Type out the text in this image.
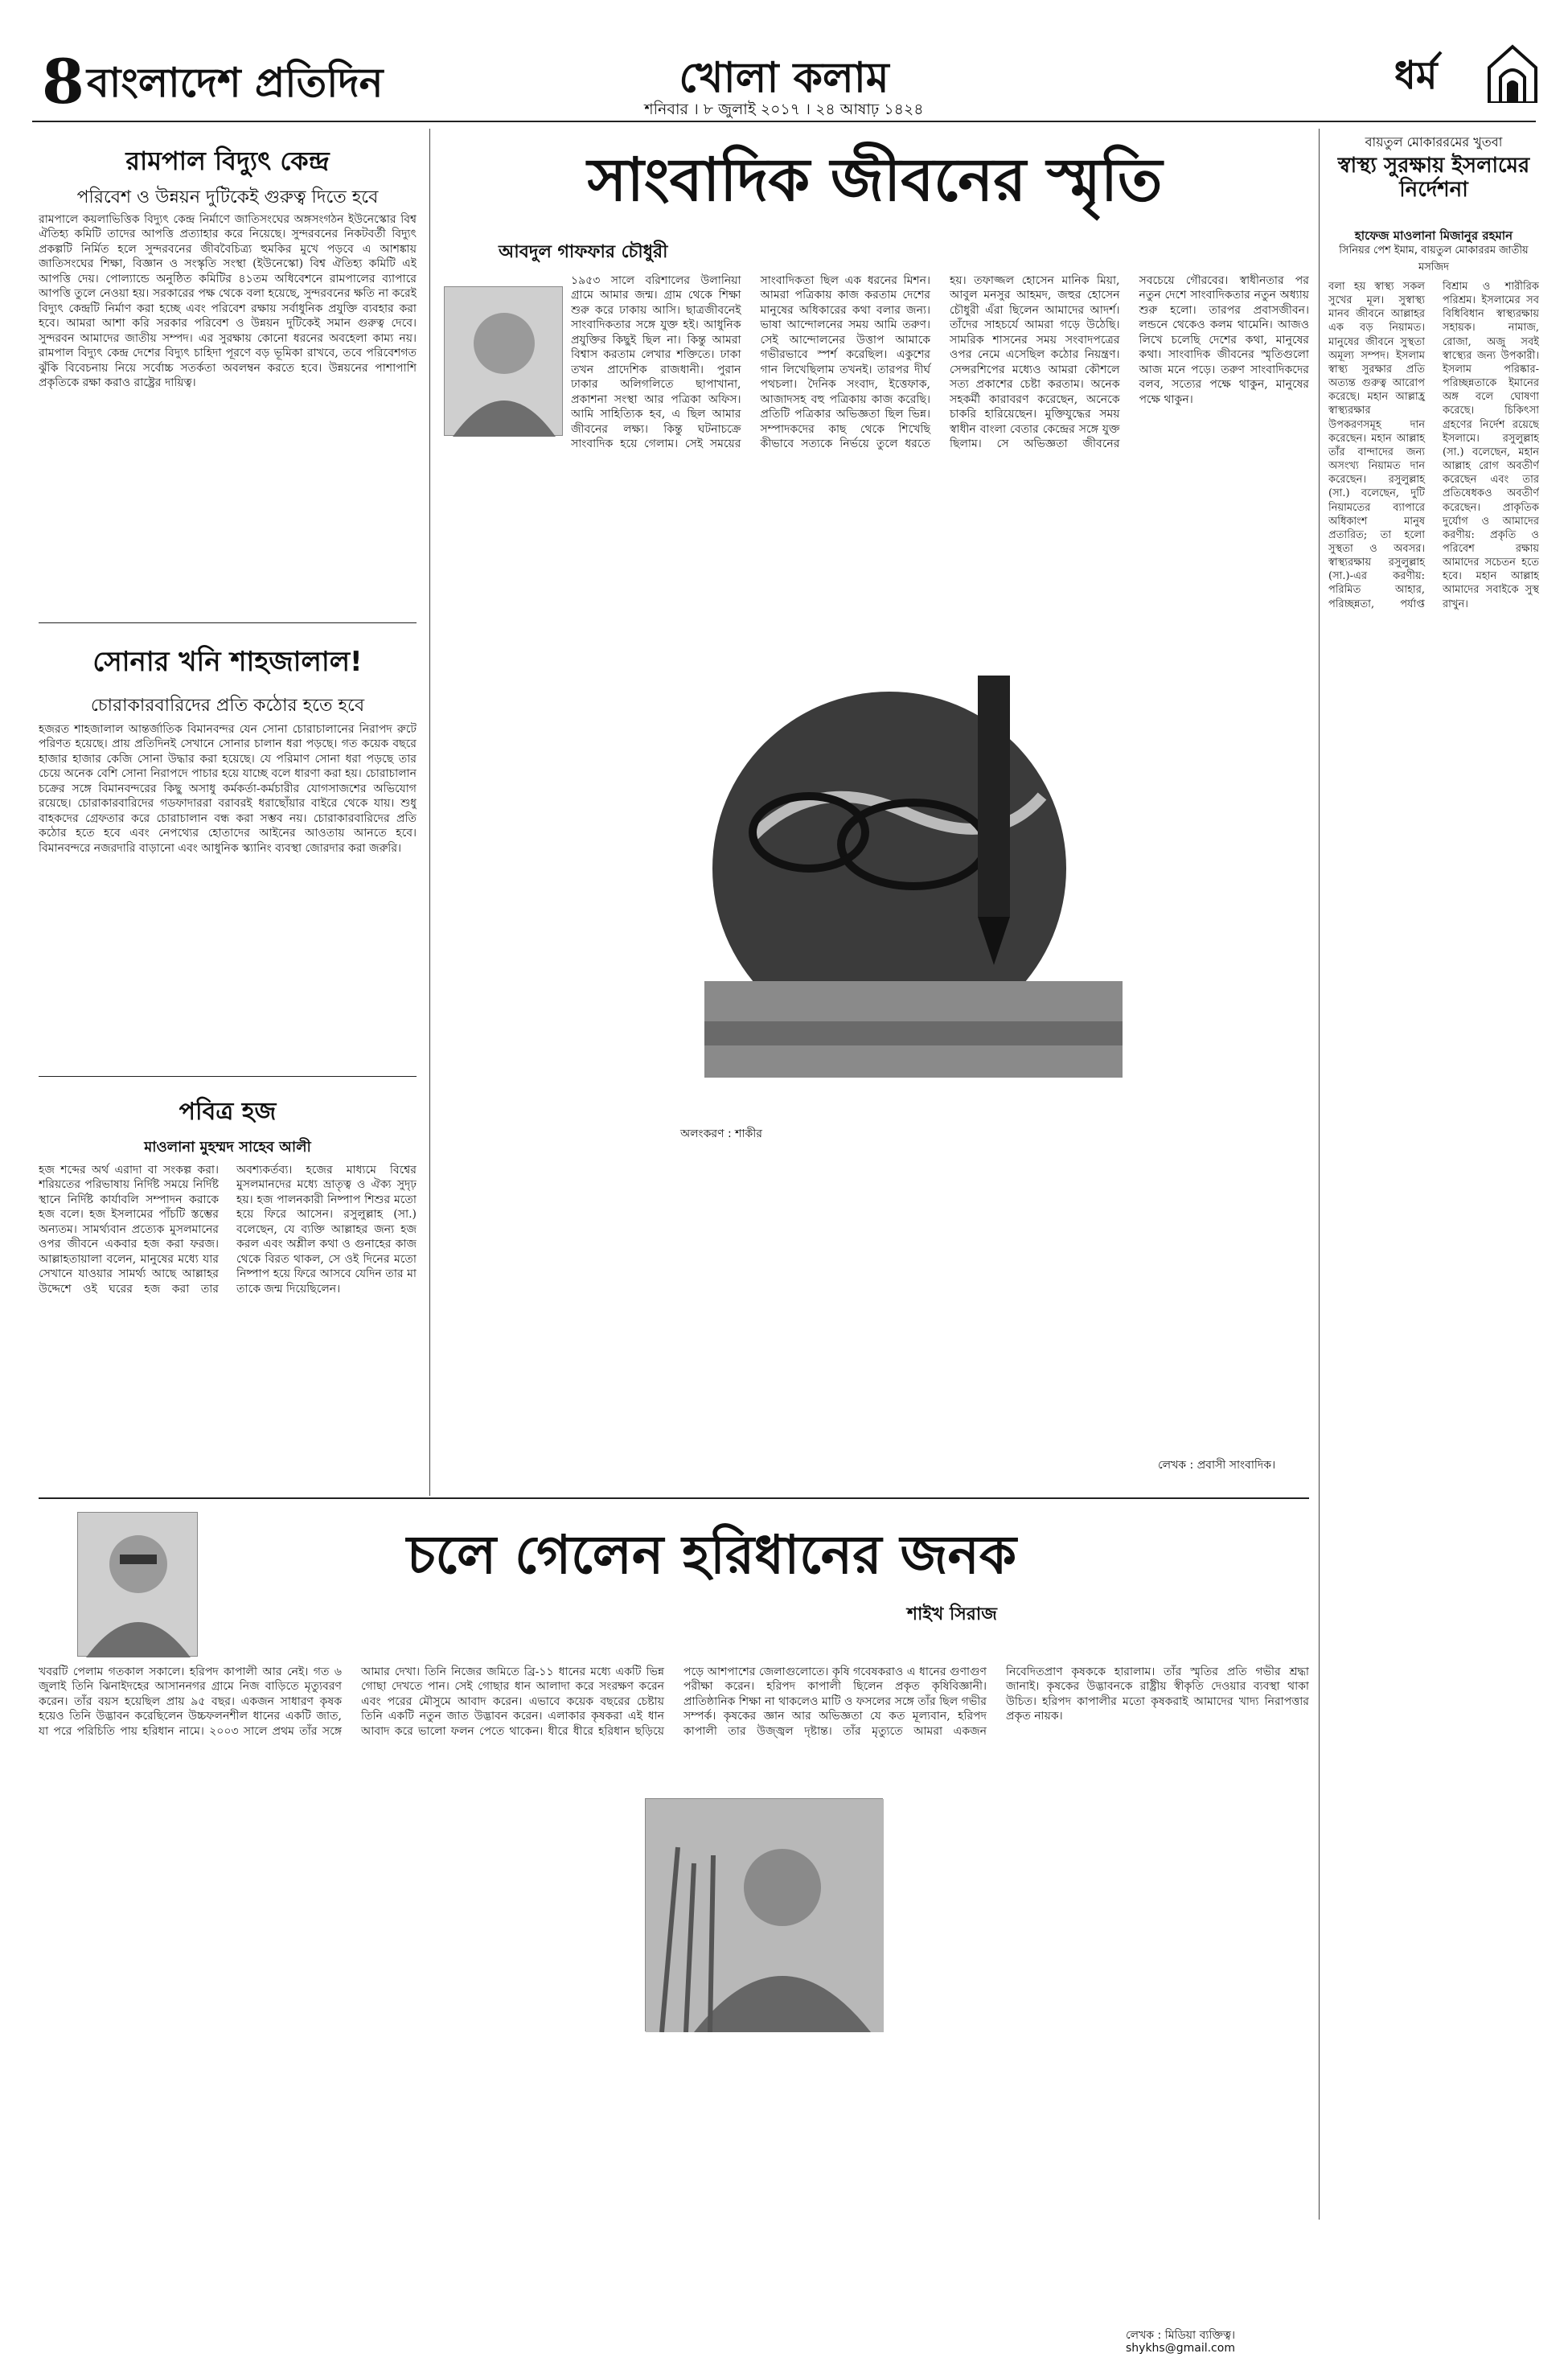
8 বাংলাদেশ প্রতিদিন	খোলা কলাম
শনিবার । ৮ জুলাই ২০১৭ । ২৪ আষাঢ় ১৪২৪
ধর্ম
রামপাল বিদ্যুৎ কেন্দ্র
পরিবেশ ও উন্নয়ন দুটিকেই গুরুত্ব দিতে হবে
রামপালে কয়লাভিত্তিক বিদ্যুৎ কেন্দ্র নির্মাণে জাতিসংঘের অঙ্গসংগঠন ইউনেস্কোর বিশ্ব ঐতিহ্য কমিটি তাদের আপত্তি প্রত্যাহার করে নিয়েছে। সুন্দরবনের নিকটবর্তী বিদ্যুৎ প্রকল্পটি নির্মিত হলে সুন্দরবনের জীববৈচিত্র্য হুমকির মুখে পড়বে এ আশঙ্কায় জাতিসংঘের শিক্ষা, বিজ্ঞান ও সংস্কৃতি সংস্থা (ইউনেস্কো) বিশ্ব ঐতিহ্য কমিটি এই আপত্তি দেয়। পোল্যান্ডে অনুষ্ঠিত কমিটির ৪১তম অধিবেশনে রামপালের ব্যাপারে আপত্তি তুলে নেওয়া হয়। সরকারের পক্ষ থেকে বলা হয়েছে, সুন্দরবনের ক্ষতি না করেই বিদ্যুৎ কেন্দ্রটি নির্মাণ করা হচ্ছে এবং পরিবেশ রক্ষায় সর্বাধুনিক প্রযুক্তি ব্যবহার করা হবে। আমরা আশা করি সরকার পরিবেশ ও উন্নয়ন দুটিকেই সমান গুরুত্ব দেবে। সুন্দরবন আমাদের জাতীয় সম্পদ। এর সুরক্ষায় কোনো ধরনের অবহেলা কাম্য নয়। রামপাল বিদ্যুৎ কেন্দ্র দেশের বিদ্যুৎ চাহিদা পূরণে বড় ভূমিকা রাখবে, তবে পরিবেশগত ঝুঁকি বিবেচনায় নিয়ে সর্বোচ্চ সতর্কতা অবলম্বন করতে হবে। উন্নয়নের পাশাপাশি প্রকৃতিকে রক্ষা করাও রাষ্ট্রের দায়িত্ব।
সোনার খনি শাহজালাল!
চোরাকারবারিদের প্রতি কঠোর হতে হবে
হজরত শাহজালাল আন্তর্জাতিক বিমানবন্দর যেন সোনা চোরাচালানের নিরাপদ রুটে পরিণত হয়েছে। প্রায় প্রতিদিনই সেখানে সোনার চালান ধরা পড়ছে। গত কয়েক বছরে হাজার হাজার কেজি সোনা উদ্ধার করা হয়েছে। যে পরিমাণ সোনা ধরা পড়ছে তার চেয়ে অনেক বেশি সোনা নিরাপদে পাচার হয়ে যাচ্ছে বলে ধারণা করা হয়। চোরাচালান চক্রের সঙ্গে বিমানবন্দরের কিছু অসাধু কর্মকর্তা-কর্মচারীর যোগসাজশের অভিযোগ রয়েছে। চোরাকারবারিদের গডফাদাররা বরাবরই ধরাছোঁয়ার বাইরে থেকে যায়। শুধু বাহকদের গ্রেফতার করে চোরাচালান বন্ধ করা সম্ভব নয়। চোরাকারবারিদের প্রতি কঠোর হতে হবে এবং নেপথ্যের হোতাদের আইনের আওতায় আনতে হবে। বিমানবন্দরে নজরদারি বাড়ানো এবং আধুনিক স্ক্যানিং ব্যবস্থা জোরদার করা জরুরি।
পবিত্র হজ
মাওলানা মুহম্মদ সাহেব আলী
হজ শব্দের অর্থ এরাদা বা সংকল্প করা। শরিয়তের পরিভাষায় নির্দিষ্ট সময়ে নির্দিষ্ট স্থানে নির্দিষ্ট কার্যাবলি সম্পাদন করাকে হজ বলে। হজ ইসলামের পাঁচটি স্তম্ভের অন্যতম। সামর্থ্যবান প্রত্যেক মুসলমানের ওপর জীবনে একবার হজ করা ফরজ। আল্লাহতায়ালা বলেন, মানুষের মধ্যে যার সেখানে যাওয়ার সামর্থ্য আছে আল্লাহর উদ্দেশে ওই ঘরের হজ করা তার অবশ্যকর্তব্য। হজের মাধ্যমে বিশ্বের মুসলমানদের মধ্যে ভ্রাতৃত্ব ও ঐক্য সুদৃঢ় হয়। হজ পালনকারী নিষ্পাপ শিশুর মতো হয়ে ফিরে আসেন। রসুলুল্লাহ (সা.) বলেছেন, যে ব্যক্তি আল্লাহর জন্য হজ করল এবং অশ্লীল কথা ও গুনাহের কাজ থেকে বিরত থাকল, সে ওই দিনের মতো নিষ্পাপ হয়ে ফিরে আসবে যেদিন তার মা তাকে জন্ম দিয়েছিলেন।
সাংবাদিক জীবনের স্মৃতি
আবদুল গাফফার চৌধুরী
১৯৫৩ সালে বরিশালের উলানিয়া গ্রামে আমার জন্ম। গ্রাম থেকে শিক্ষা শুরু করে ঢাকায় আসি। ছাত্রজীবনেই সাংবাদিকতার সঙ্গে যুক্ত হই। আধুনিক প্রযুক্তির কিছুই ছিল না। কিন্তু আমরা বিশ্বাস করতাম লেখার শক্তিতে। ঢাকা তখন প্রাদেশিক রাজধানী। পুরান ঢাকার অলিগলিতে ছাপাখানা, প্রকাশনা সংস্থা আর পত্রিকা অফিস। আমি সাহিত্যিক হব, এ ছিল আমার জীবনের লক্ষ্য। কিন্তু ঘটনাচক্রে সাংবাদিক হয়ে গেলাম। সেই সময়ের সাংবাদিকতা ছিল এক ধরনের মিশন। আমরা পত্রিকায় কাজ করতাম দেশের মানুষের অধিকারের কথা বলার জন্য। ভাষা আন্দোলনের সময় আমি তরুণ। সেই আন্দোলনের উত্তাপ আমাকে গভীরভাবে স্পর্শ করেছিল। একুশের গান লিখেছিলাম তখনই। তারপর দীর্ঘ পথচলা। দৈনিক সংবাদ, ইত্তেফাক, আজাদসহ বহু পত্রিকায় কাজ করেছি। প্রতিটি পত্রিকার অভিজ্ঞতা ছিল ভিন্ন। সম্পাদকদের কাছ থেকে শিখেছি কীভাবে সত্যকে নির্ভয়ে তুলে ধরতে হয়। তফাজ্জল হোসেন মানিক মিয়া, আবুল মনসুর আহমদ, জহুর হোসেন চৌধুরী এঁরা ছিলেন আমাদের আদর্শ। তাঁদের সাহচর্যে আমরা গড়ে উঠেছি। সামরিক শাসনের সময় সংবাদপত্রের ওপর নেমে এসেছিল কঠোর নিয়ন্ত্রণ। সেন্সরশিপের মধ্যেও আমরা কৌশলে সত্য প্রকাশের চেষ্টা করতাম। অনেক সহকর্মী কারাবরণ করেছেন, অনেকে চাকরি হারিয়েছেন। মুক্তিযুদ্ধের সময় স্বাধীন বাংলা বেতার কেন্দ্রের সঙ্গে যুক্ত ছিলাম। সে অভিজ্ঞতা জীবনের সবচেয়ে গৌরবের। স্বাধীনতার পর নতুন দেশে সাংবাদিকতার নতুন অধ্যায় শুরু হলো। তারপর প্রবাসজীবন। লন্ডনে থেকেও কলম থামেনি। আজও লিখে চলেছি দেশের কথা, মানুষের কথা। সাংবাদিক জীবনের স্মৃতিগুলো আজ মনে পড়ে। তরুণ সাংবাদিকদের বলব, সত্যের পক্ষে থাকুন, মানুষের পক্ষে থাকুন।
অলংকরণ : শাকীর
লেখক : প্রবাসী সাংবাদিক।
বায়তুল মোকাররমের খুতবা
স্বাস্থ্য সুরক্ষায় ইসলামের নির্দেশনা
হাফেজ মাওলানা মিজানুর রহমান
সিনিয়র পেশ ইমাম, বায়তুল মোকাররম জাতীয় মসজিদ
বলা হয় স্বাস্থ্য সকল সুখের মূল। সুস্বাস্থ্য মানব জীবনে আল্লাহর এক বড় নিয়ামত। মানুষের জীবনে সুস্থতা অমূল্য সম্পদ। ইসলাম স্বাস্থ্য সুরক্ষার প্রতি অত্যন্ত গুরুত্ব আরোপ করেছে। মহান আল্লাহ্র স্বাস্থ্যরক্ষার উপকরণসমূহ দান করেছেন। মহান আল্লাহ তাঁর বান্দাদের জন্য অসংখ্য নিয়ামত দান করেছেন। রসুলুল্লাহ (সা.) বলেছেন, দুটি নিয়ামতের ব্যাপারে অধিকাংশ মানুষ প্রতারিত; তা হলো সুস্থতা ও অবসর। স্বাস্থ্যরক্ষায় রসুলুল্লাহ (সা.)-এর করণীয়: পরিমিত আহার, পরিচ্ছন্নতা, পর্যাপ্ত বিশ্রাম ও শারীরিক পরিশ্রম। ইসলামের সব বিধিবিধান স্বাস্থ্যরক্ষায় সহায়ক। নামাজ, রোজা, অজু সবই স্বাস্থ্যের জন্য উপকারী। ইসলাম পরিষ্কার-পরিচ্ছন্নতাকে ইমানের অঙ্গ বলে ঘোষণা করেছে। চিকিৎসা গ্রহণের নির্দেশ রয়েছে ইসলামে। রসুলুল্লাহ (সা.) বলেছেন, মহান আল্লাহ রোগ অবতীর্ণ করেছেন এবং তার প্রতিষেধকও অবতীর্ণ করেছেন। প্রাকৃতিক দুর্যোগ ও আমাদের করণীয়: প্রকৃতি ও পরিবেশ রক্ষায় আমাদের সচেতন হতে হবে। মহান আল্লাহ আমাদের সবাইকে সুস্থ রাখুন।
চলে গেলেন হরিধানের জনক
শাইখ সিরাজ
খবরটি পেলাম গতকাল সকালে। হরিপদ কাপালী আর নেই। গত ৬ জুলাই তিনি ঝিনাইদহের আসাননগর গ্রামে নিজ বাড়িতে মৃত্যুবরণ করেন। তাঁর বয়স হয়েছিল প্রায় ৯৫ বছর। একজন সাধারণ কৃষক হয়েও তিনি উদ্ভাবন করেছিলেন উচ্চফলনশীল ধানের একটি জাত, যা পরে পরিচিতি পায় হরিধান নামে। ২০০৩ সালে প্রথম তাঁর সঙ্গে আমার দেখা। তিনি নিজের জমিতে ব্রি-১১ ধানের মধ্যে একটি ভিন্ন গোছা দেখতে পান। সেই গোছার ধান আলাদা করে সংরক্ষণ করেন এবং পরের মৌসুমে আবাদ করেন। এভাবে কয়েক বছরের চেষ্টায় তিনি একটি নতুন জাত উদ্ভাবন করেন। এলাকার কৃষকরা এই ধান আবাদ করে ভালো ফলন পেতে থাকেন। ধীরে ধীরে হরিধান ছড়িয়ে পড়ে আশপাশের জেলাগুলোতে। কৃষি গবেষকরাও এ ধানের গুণাগুণ পরীক্ষা করেন। হরিপদ কাপালী ছিলেন প্রকৃত কৃষিবিজ্ঞানী। প্রাতিষ্ঠানিক শিক্ষা না থাকলেও মাটি ও ফসলের সঙ্গে তাঁর ছিল গভীর সম্পর্ক। কৃষকের জ্ঞান আর অভিজ্ঞতা যে কত মূল্যবান, হরিপদ কাপালী তার উজ্জ্বল দৃষ্টান্ত। তাঁর মৃত্যুতে আমরা একজন নিবেদিতপ্রাণ কৃষককে হারালাম। তাঁর স্মৃতির প্রতি গভীর শ্রদ্ধা জানাই। কৃষকের উদ্ভাবনকে রাষ্ট্রীয় স্বীকৃতি দেওয়ার ব্যবস্থা থাকা উচিত। হরিপদ কাপালীর মতো কৃষকরাই আমাদের খাদ্য নিরাপত্তার প্রকৃত নায়ক।
লেখক : মিডিয়া ব্যক্তিত্ব।
shykhs@gmail.com
